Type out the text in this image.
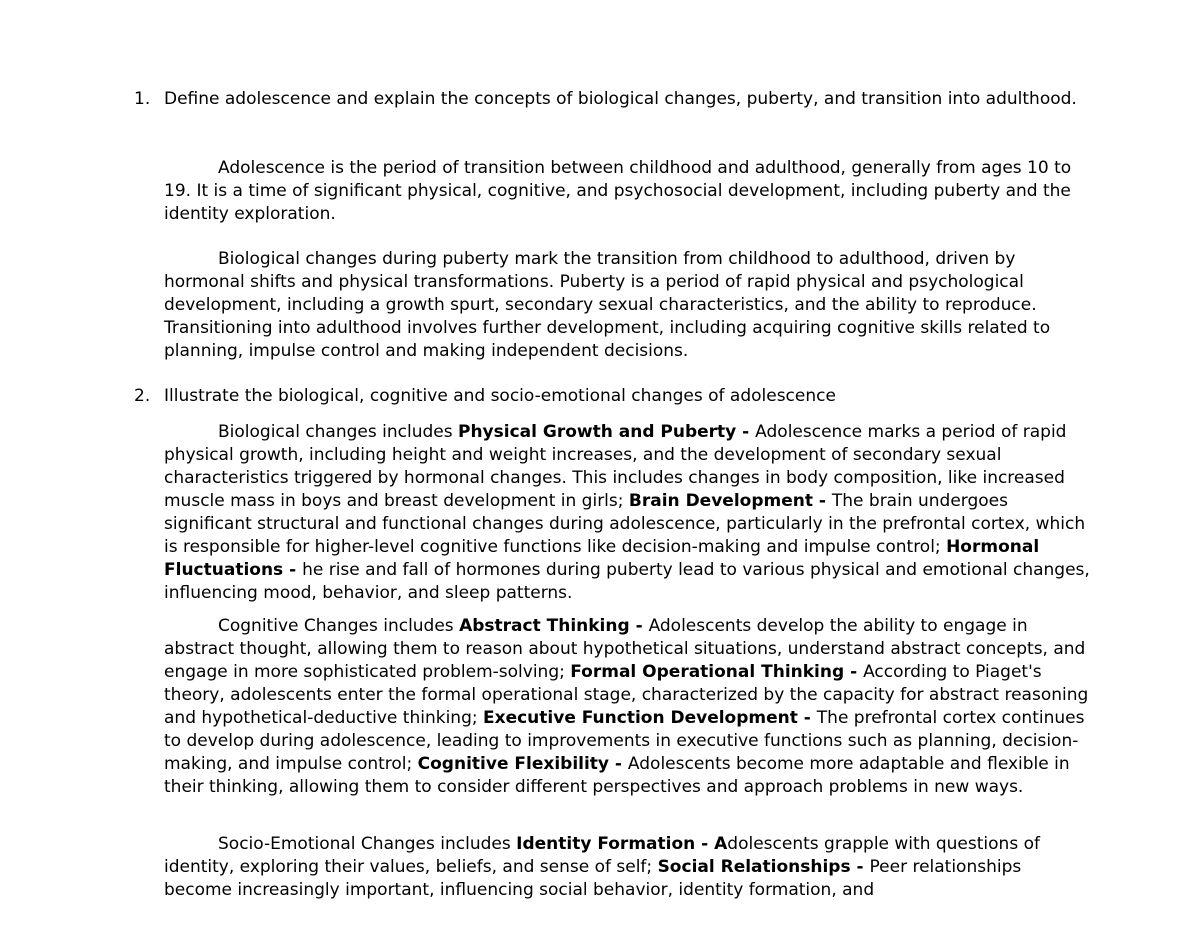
1. Define adolescence and explain the concepts of biological changes, puberty, and transition into adulthood.
Adolescence is the period of transition between childhood and adulthood, generally from ages 10 to 19. It is a time of significant physical, cognitive, and psychosocial development, including puberty and the identity exploration.
Biological changes during puberty mark the transition from childhood to adulthood, driven by hormonal shifts and physical transformations. Puberty is a period of rapid physical and psychological development, including a growth spurt, secondary sexual characteristics, and the ability to reproduce. Transitioning into adulthood involves further development, including acquiring cognitive skills related to planning, impulse control and making independent decisions.
2. Illustrate the biological, cognitive and socio-emotional changes of adolescence
Biological changes includes Physical Growth and Puberty - Adolescence marks a period of rapid physical growth, including height and weight increases, and the development of secondary sexual characteristics triggered by hormonal changes. This includes changes in body composition, like increased muscle mass in boys and breast development in girls; Brain Development - The brain undergoes significant structural and functional changes during adolescence, particularly in the prefrontal cortex, which is responsible for higher-level cognitive functions like decision-making and impulse control; Hormonal Fluctuations - he rise and fall of hormones during puberty lead to various physical and emotional changes, influencing mood, behavior, and sleep patterns.
Cognitive Changes includes Abstract Thinking - Adolescents develop the ability to engage in abstract thought, allowing them to reason about hypothetical situations, understand abstract concepts, and engage in more sophisticated problem-solving; Formal Operational Thinking - According to Piaget's theory, adolescents enter the formal operational stage, characterized by the capacity for abstract reasoning and hypothetical-deductive thinking; Executive Function Development - The prefrontal cortex continues to develop during adolescence, leading to improvements in executive functions such as planning, decision-making, and impulse control; Cognitive Flexibility - Adolescents become more adaptable and flexible in their thinking, allowing them to consider different perspectives and approach problems in new ways.
Socio-Emotional Changes includes Identity Formation - Adolescents grapple with questions of identity, exploring their values, beliefs, and sense of self; Social Relationships - Peer relationships become increasingly important, influencing social behavior, identity formation, and
